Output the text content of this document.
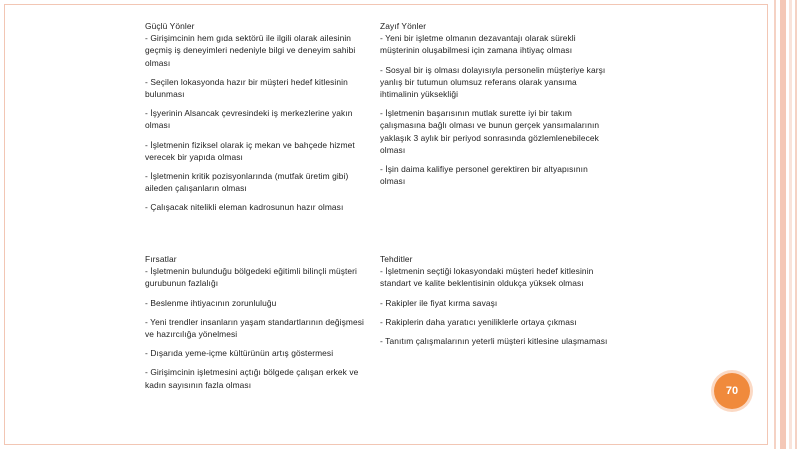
Güçlü Yönler

- Girişimcinin hem gıda sektörü ile ilgili olarak ailesinin geçmiş iş deneyimleri nedeniyle bilgi ve deneyim sahibi olması

- Seçilen lokasyonda hazır bir müşteri hedef kitlesinin bulunması

- İşyerinin Alsancak çevresindeki iş merkezlerine yakın olması

- İşletmenin fiziksel olarak iç mekan ve bahçede hizmet verecek bir yapıda olması

- İşletmenin kritik pozisyonlarında (mutfak üretim gibi) aileden çalışanların olması

- Çalışacak nitelikli eleman kadrosunun hazır olması

Zayıf Yönler

- Yeni bir işletme olmanın dezavantajı olarak sürekli müşterinin oluşabilmesi için zamana ihtiyaç olması

- Sosyal bir iş olması dolayısıyla personelin müşteriye karşı yanlış bir tutumun olumsuz referans olarak yansıma ihtimalinin yüksekliği

- İşletmenin başarısının mutlak surette iyi bir takım çalışmasına bağlı olması ve bunun gerçek yansımalarının yaklaşık 3 aylık bir periyod sonrasında gözlemlenebilecek olması

- İşin daima kalifiye personel gerektiren bir altyapısının olması

Fırsatlar

- İşletmenin bulunduğu bölgedeki eğitimli bilinçli müşteri gurubunun fazlalığı

- Beslenme ihtiyacının zorunluluğu

- Yeni trendler insanların yaşam standartlarının değişmesi ve hazırcılığa yönelmesi

- Dışarıda yeme-içme kültürünün artış göstermesi

- Girişimcinin işletmesini açtığı bölgede çalışan erkek ve kadın sayısının fazla olması

Tehditler

- İşletmenin seçtiği lokasyondaki müşteri hedef kitlesinin standart ve kalite beklentisinin oldukça yüksek olması

- Rakipler ile fiyat kırma savaşı

- Rakiplerin daha yaratıcı yeniliklerle ortaya çıkması

- Tanıtım çalışmalarının yeterli müşteri kitlesine ulaşmaması

70
